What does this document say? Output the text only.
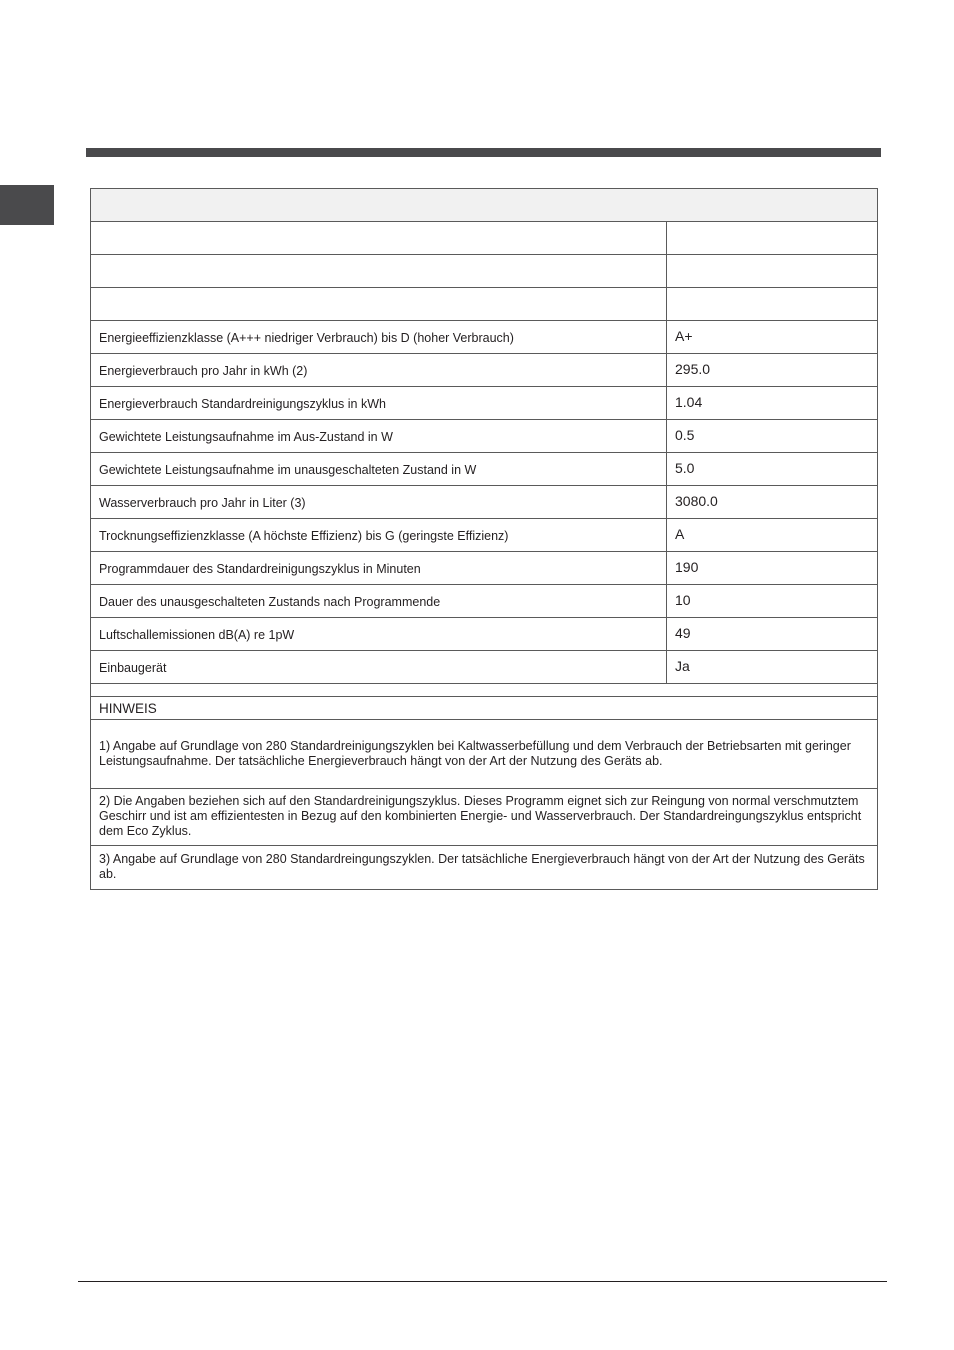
Energieeffizienzklasse (A+++ niedriger Verbrauch) bis D (hoher Verbrauch)	A+
Energieverbrauch pro Jahr in kWh (2)	295.0
Energieverbrauch Standardreinigungszyklus in kWh	1.04
Gewichtete Leistungsaufnahme im Aus-Zustand in W	0.5
Gewichtete Leistungsaufnahme im unausgeschalteten Zustand in W	5.0
Wasserverbrauch pro Jahr in Liter (3)	3080.0
Trocknungseffizienzklasse (A höchste Effizienz) bis G (geringste Effizienz)	A
Programmdauer des Standardreinigungszyklus in Minuten	190
Dauer des unausgeschalteten Zustands nach Programmende	10
Luftschallemissionen dB(A) re 1pW	49
Einbaugerät	Ja
HINWEIS
1) Angabe auf Grundlage von 280 Standardreinigungszyklen bei Kaltwasserbefüllung und dem Verbrauch der Betriebsarten mit geringer Leistungsaufnahme. Der tatsächliche Energieverbrauch hängt von der Art der Nutzung des Geräts ab.
2) Die Angaben beziehen sich auf den Standardreinigungszyklus. Dieses Programm eignet sich zur Reingung von normal verschmutztem Geschirr und ist am effizientesten in Bezug auf den kombinierten Energie- und Wasserverbrauch. Der Standardreingungszyklus entspricht dem Eco Zyklus.
3) Angabe auf Grundlage von 280 Standardreingungszyklen. Der tatsächliche Energieverbrauch hängt von der Art der Nutzung des Geräts ab.
